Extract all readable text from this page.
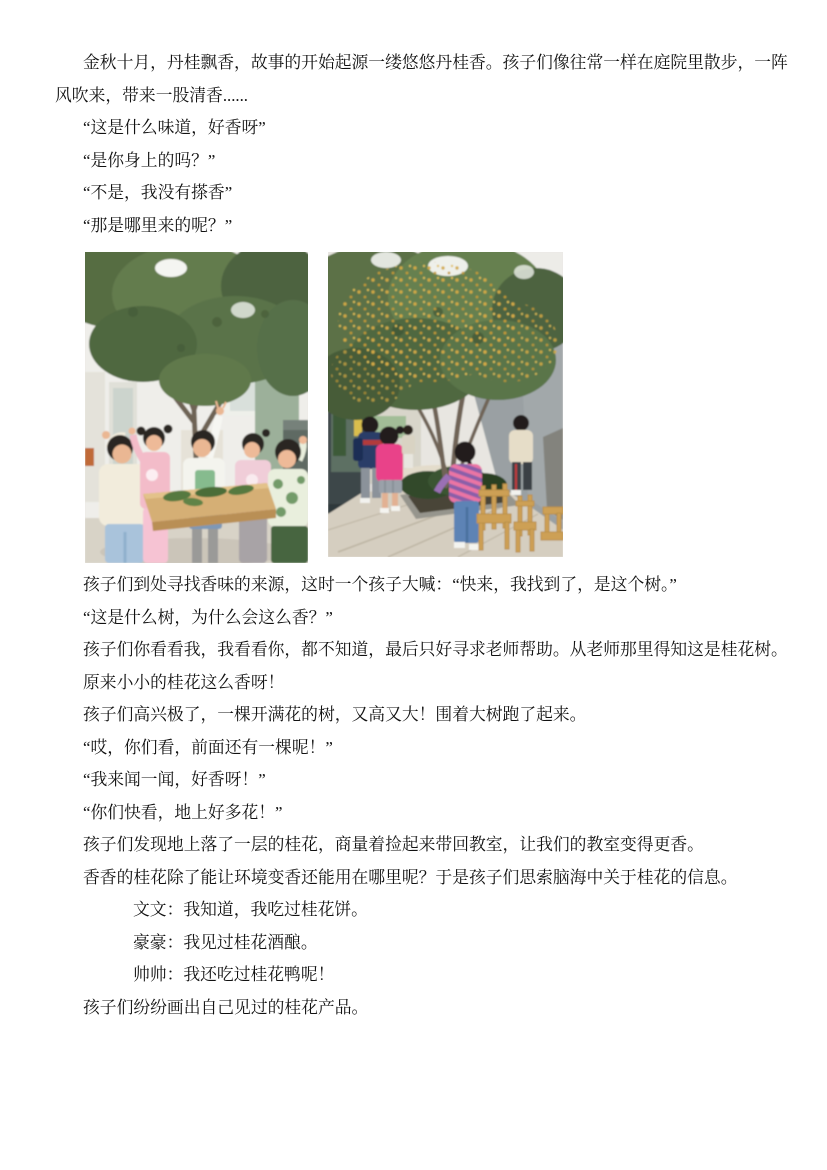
金秋十月，丹桂飘香，故事的开始起源一缕悠悠丹桂香。孩子们像往常一样在庭院里散步，一阵

风吹来，带来一股清香......

“这是什么味道，好香呀”

“是你身上的吗？”

“不是，我没有搽香”

“那是哪里来的呢？”

孩子们到处寻找香味的来源，这时一个孩子大喊：“快来，我找到了，是这个树。”

“这是什么树，为什么会这么香？”

孩子们你看看我，我看看你，都不知道，最后只好寻求老师帮助。从老师那里得知这是桂花树。

原来小小的桂花这么香呀！

孩子们高兴极了，一棵开满花的树，又高又大！围着大树跑了起来。

“哎，你们看，前面还有一棵呢！”

“我来闻一闻，好香呀！”

“你们快看，地上好多花！”

孩子们发现地上落了一层的桂花，商量着捡起来带回教室，让我们的教室变得更香。

香香的桂花除了能让环境变香还能用在哪里呢？于是孩子们思索脑海中关于桂花的信息。

文文：我知道，我吃过桂花饼。

豪豪：我见过桂花酒酿。

帅帅：我还吃过桂花鸭呢！

孩子们纷纷画出自己见过的桂花产品。
